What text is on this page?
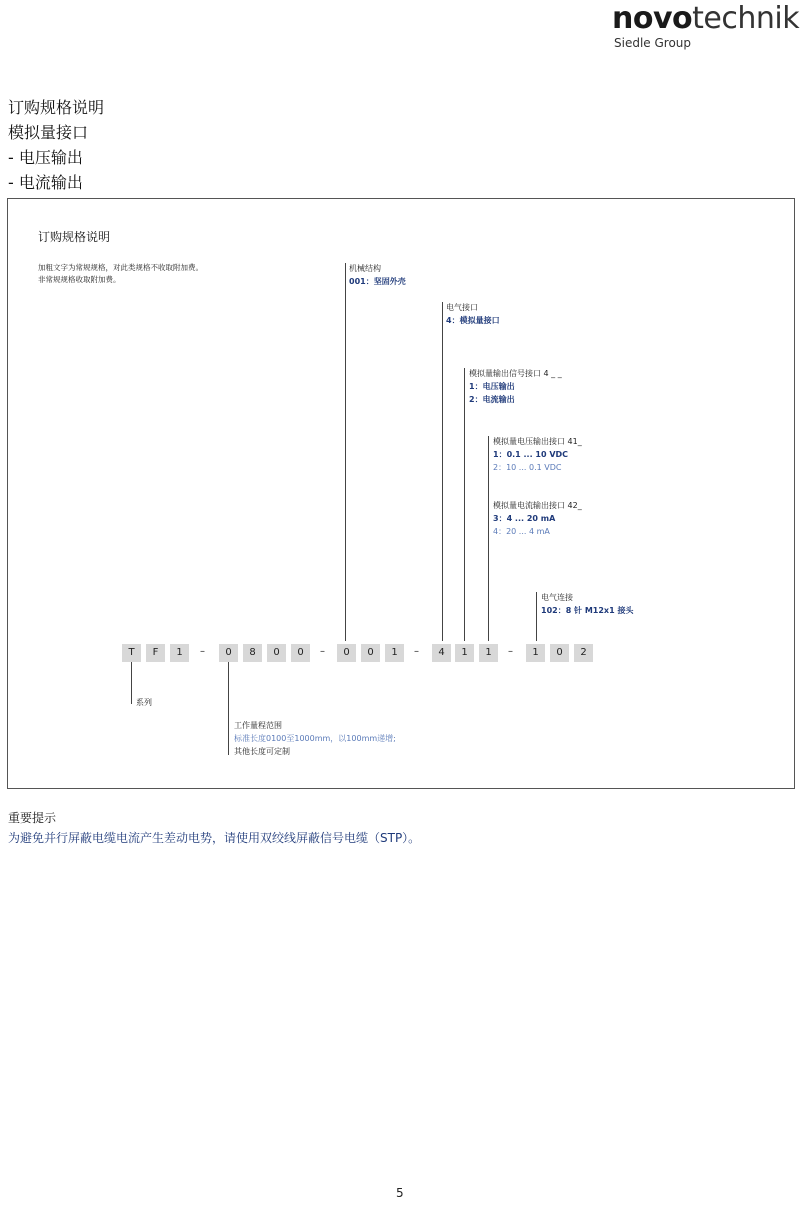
novotechnik
Siedle Group
订购规格说明
模拟量接口
- 电压输出
- 电流输出
订购规格说明
加粗文字为常规规格，对此类规格不收取附加费。
非常规规格收取附加费。
机械结构
001：坚固外壳
电气接口
4：模拟量接口
模拟量输出信号接口 4 _ _
1：电压输出
2：电流输出
模拟量电压输出接口 41_
1：0.1 ... 10 VDC
2：10 ... 0.1 VDC
模拟量电流输出接口 42_
3：4 ... 20 mA
4：20 ... 4 mA
电气连接
102：8 针 M12x1 接头
T	F	1	–	0	8	0	0	–	0	0	1	–	4	1	1	–	1	0	2
系列
工作量程范围
标准长度0100至1000mm，以100mm递增;
其他长度可定制
重要提示
为避免并行屏蔽电缆电流产生差动电势，请使用双绞线屏蔽信号电缆（STP）。
5
